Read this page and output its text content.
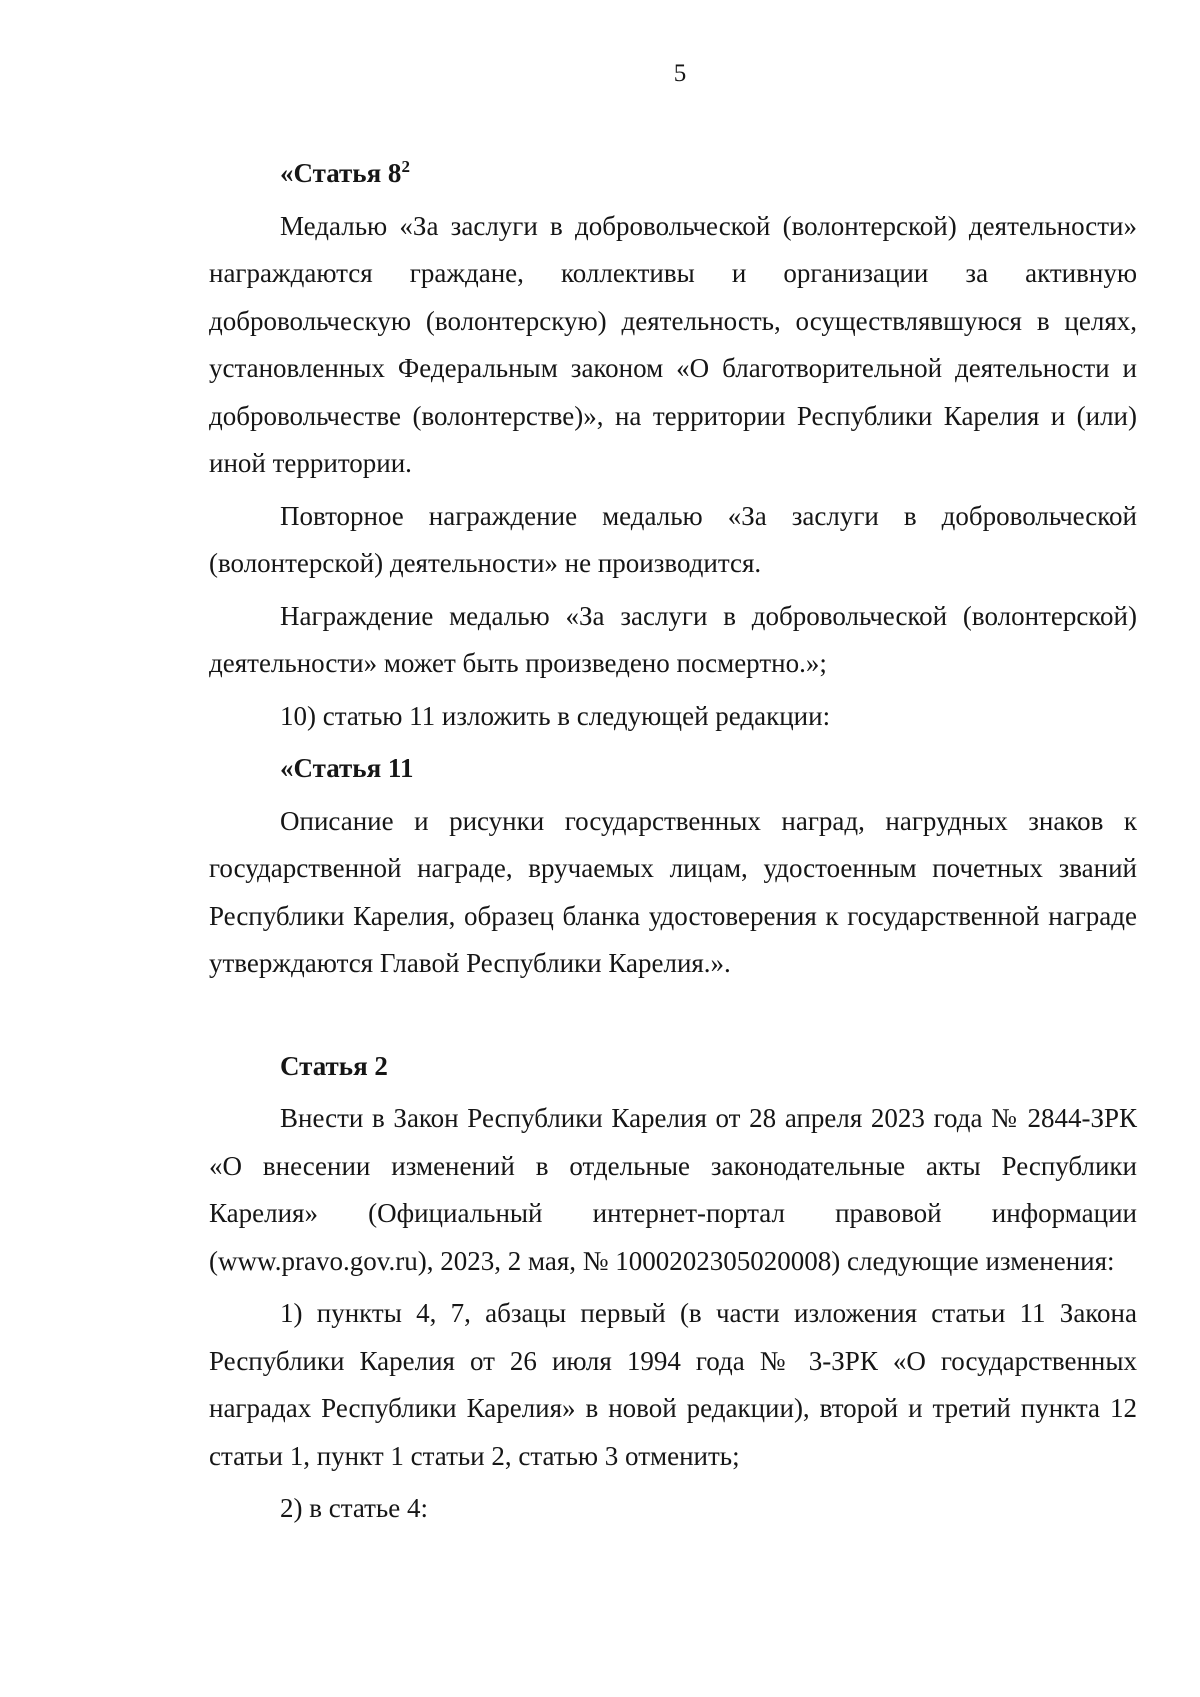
5
«Статья $8^2$

Медалью «За заслуги в добровольческой (волонтерской) деятельности» награждаются граждане, коллективы и организации за активную добровольческую (волонтерскую) деятельность, осуществлявшуюся в целях, установленных Федеральным законом «О благотворительной деятельности и добровольчестве (волонтерстве)», на территории Республики Карелия и (или) иной территории.

Повторное награждение медалью «За заслуги в добровольческой (волонтерской) деятельности» не производится.

Награждение медалью «За заслуги в добровольческой (волонтерской) деятельности» может быть произведено посмертно.»;

10) статью 11 изложить в следующей редакции:

«Статья 11

Описание и рисунки государственных наград, нагрудных знаков к государственной награде, вручаемых лицам, удостоенным почетных званий Республики Карелия, образец бланка удостоверения к государственной награде утверждаются Главой Республики Карелия.».

Статья 2

Внести в Закон Республики Карелия от 28 апреля 2023 года № 2844-ЗРК «О внесении изменений в отдельные законодательные акты Республики Карелия» (Официальный интернет-портал правовой информации (www.pravo.gov.ru), 2023, 2 мая, № 1000202305020008) следующие изменения:

1) пункты 4, 7, абзацы первый (в части изложения статьи 11 Закона Республики Карелия от 26 июля 1994 года № 3-ЗРК «О государственных наградах Республики Карелия» в новой редакции), второй и третий пункта 12 статьи 1, пункт 1 статьи 2, статью 3 отменить;

2) в статье 4:
